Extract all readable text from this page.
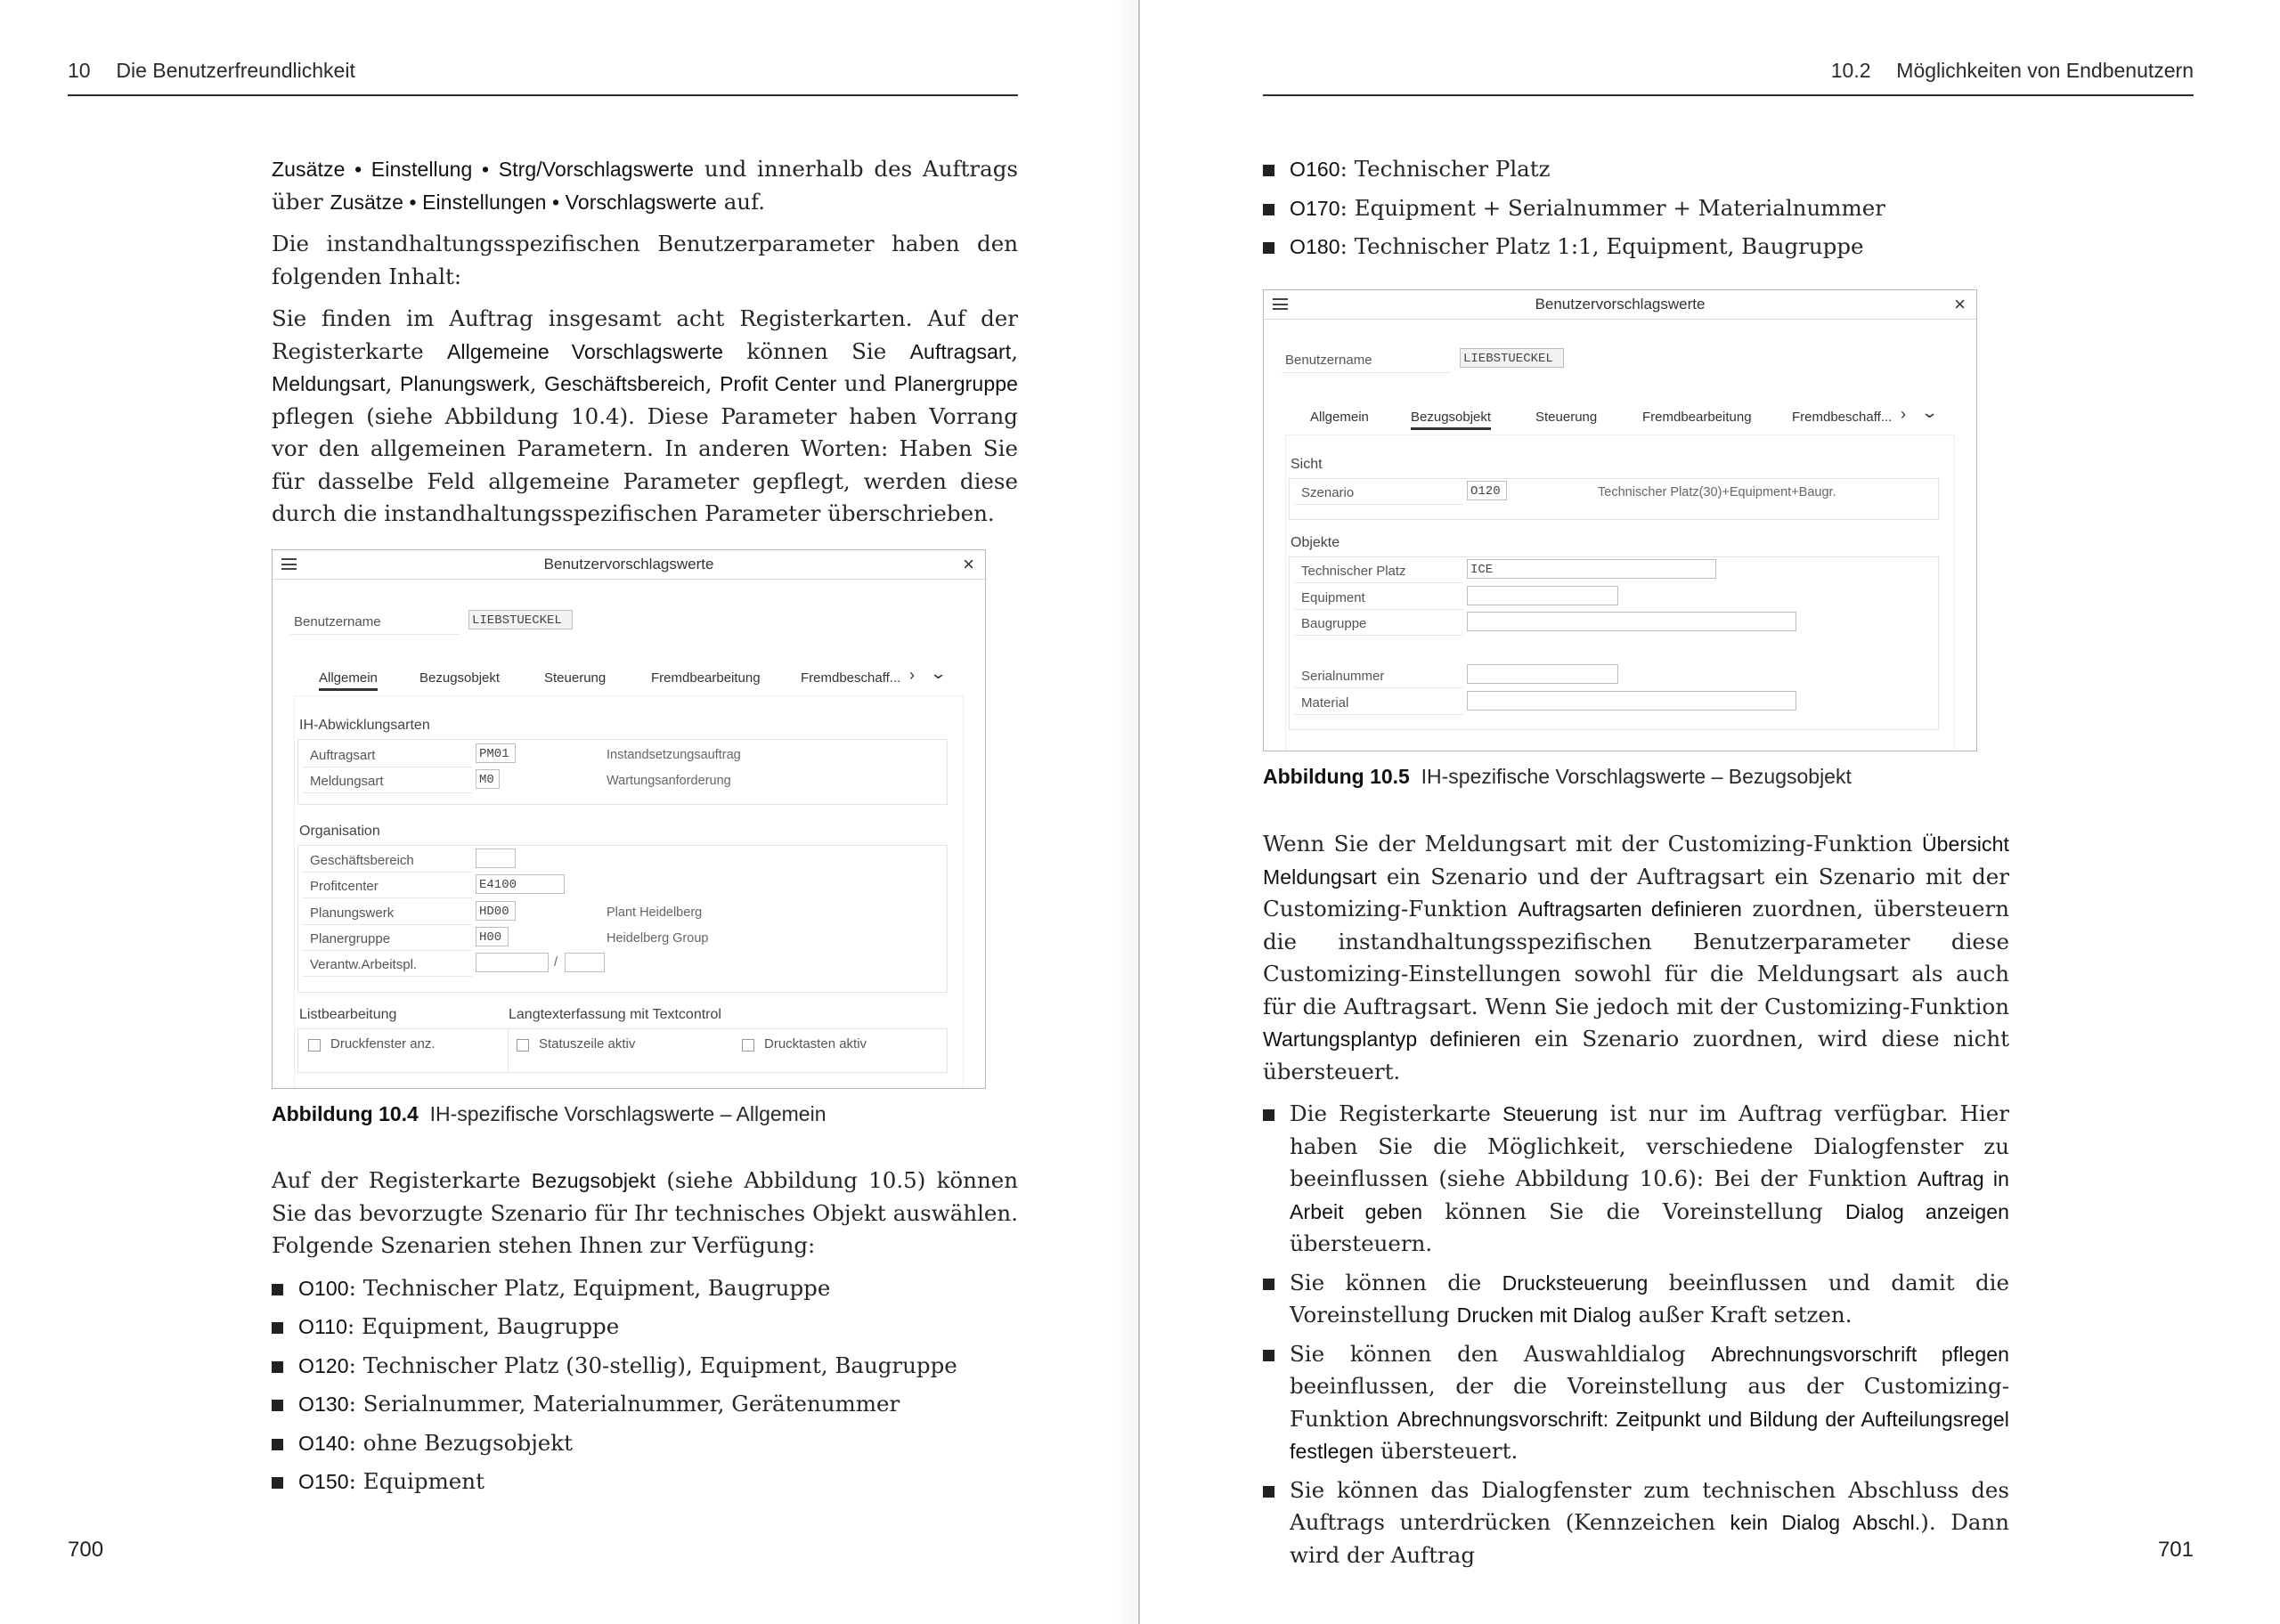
10 Die Benutzerfreundlichkeit

Zusätze • Einstellung • Strg/Vorschlagswerte und innerhalb des Auftrags über Zusätze • Einstellungen • Vorschlagswerte auf.

Die instandhaltungsspezifischen Benutzerparameter haben den folgenden Inhalt:

Sie finden im Auftrag insgesamt acht Registerkarten. Auf der Registerkarte Allgemeine Vorschlagswerte können Sie Auftragsart, Meldungsart, Planungswerk, Geschäftsbereich, Profit Center und Planergruppe pflegen (siehe Abbildung 10.4). Diese Parameter haben Vorrang vor den allgemeinen Parametern. In anderen Worten: Haben Sie für dasselbe Feld allgemeine Parameter gepflegt, werden diese durch die instandhaltungsspezifischen Parameter überschrieben.

Benutzervorschlagswerte	×
Benutzername	LIEBSTUECKEL
Allgemein	Bezugsobjekt	Steuerung	Fremdbearbeitung	Fremdbeschaff... › ⌄
IH-Abwicklungsarten
Auftragsart	PM01	Instandsetzungsauftrag
Meldungsart	M0	Wartungsanforderung
Organisation
Geschäftsbereich
Profitcenter	E4100
Planungswerk	HD00	Plant Heidelberg
Planergruppe	H00	Heidelberg Group
Verantw.Arbeitspl.	/
Listbearbeitung	Langtexterfassung mit Textcontrol
Druckfenster anz.	Statuszeile aktiv	Drucktasten aktiv
Abbildung 10.4 IH-spezifische Vorschlagswerte – Allgemein

Auf der Registerkarte Bezugsobjekt (siehe Abbildung 10.5) können Sie das bevorzugte Szenario für Ihr technisches Objekt auswählen. Folgende Szenarien stehen Ihnen zur Verfügung:

O100: Technischer Platz, Equipment, Baugruppe
O110: Equipment, Baugruppe
O120: Technischer Platz (30-stellig), Equipment, Baugruppe
O130: Serialnummer, Materialnummer, Gerätenummer
O140: ohne Bezugsobjekt
O150: Equipment
700
10.2 Möglichkeiten von Endbenutzern
O160: Technischer Platz
O170: Equipment + Serialnummer + Materialnummer
O180: Technischer Platz 1:1, Equipment, Baugruppe
Benutzervorschlagswerte	×
Benutzername	LIEBSTUECKEL
Allgemein	Bezugsobjekt	Steuerung	Fremdbearbeitung	Fremdbeschaff... › ⌄
Sicht
Szenario	O120	Technischer Platz(30)+Equipment+Baugr.
Objekte
Technischer Platz	ICE
Equipment
Baugruppe
Serialnummer
Material
Abbildung 10.5 IH-spezifische Vorschlagswerte – Bezugsobjekt

Wenn Sie der Meldungsart mit der Customizing-Funktion Übersicht Meldungsart ein Szenario und der Auftragsart ein Szenario mit der Customizing-Funktion Auftragsarten definieren zuordnen, übersteuern die instandhaltungsspezifischen Benutzerparameter diese Customizing-Einstellungen sowohl für die Meldungsart als auch für die Auftragsart. Wenn Sie jedoch mit der Customizing-Funktion Wartungsplantyp definieren ein Szenario zuordnen, wird diese nicht übersteuert.

Die Registerkarte Steuerung ist nur im Auftrag verfügbar. Hier haben Sie die Möglichkeit, verschiedene Dialogfenster zu beeinflussen (siehe Abbildung 10.6): Bei der Funktion Auftrag in Arbeit geben können Sie die Voreinstellung Dialog anzeigen übersteuern.
Sie können die Drucksteuerung beeinflussen und damit die Voreinstellung Drucken mit Dialog außer Kraft setzen.
Sie können den Auswahldialog Abrechnungsvorschrift pflegen beeinflussen, der die Voreinstellung aus der Customizing-Funktion Abrechnungsvorschrift: Zeitpunkt und Bildung der Aufteilungsregel festlegen übersteuert.
Sie können das Dialogfenster zum technischen Abschluss des Auftrags unterdrücken (Kennzeichen kein Dialog Abschl.). Dann wird der Auftrag	701
